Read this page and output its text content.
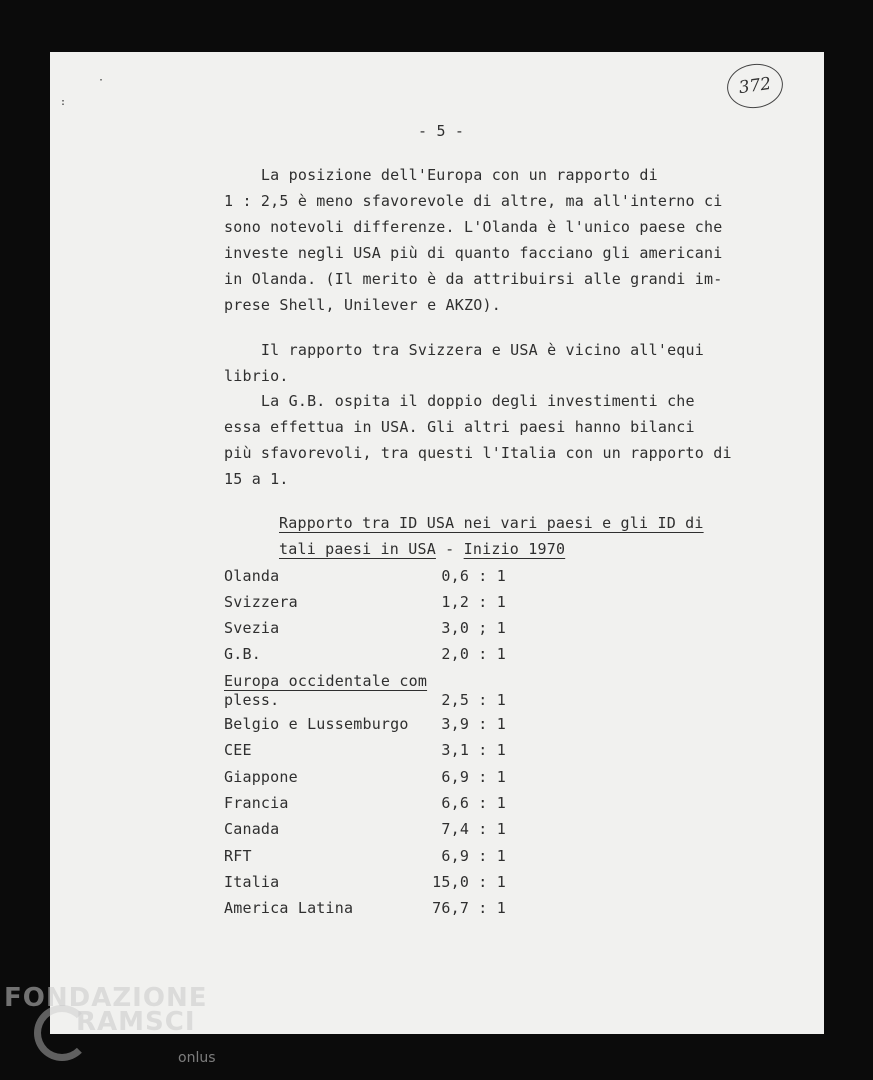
·
:
372
- 5 -
La posizione dell'Europa con un rapporto di
1 : 2,5 è meno sfavorevole di altre, ma all'interno ci
sono notevoli differenze. L'Olanda è l'unico paese che
investe negli USA più di quanto facciano gli americani
in Olanda. (Il merito è da attribuirsi alle grandi im-
prese Shell, Unilever e AKZO).
Il rapporto tra Svizzera e USA è vicino all'equi
librio.
La G.B. ospita il doppio degli investimenti che
essa effettua in USA. Gli altri paesi hanno bilanci
più sfavorevoli, tra questi l'Italia con un rapporto di
15 a 1.
Rapporto tra ID USA nei vari paesi e gli ID di
tali paesi in USA - Inizio 1970
Olanda	0,6 : 1
Svizzera	1,2 : 1
Svezia	3,0 ; 1
G.B.	2,0 : 1
Europa occidentale com
pless.	2,5 : 1
Belgio e Lussemburgo	3,9 : 1
CEE	3,1 : 1
Giappone	6,9 : 1
Francia	6,6 : 1
Canada	7,4 : 1
RFT	6,9 : 1
Italia	15,0 : 1
America Latina	76,7 : 1
FONDAZIONE
RAMSCI
onlus
